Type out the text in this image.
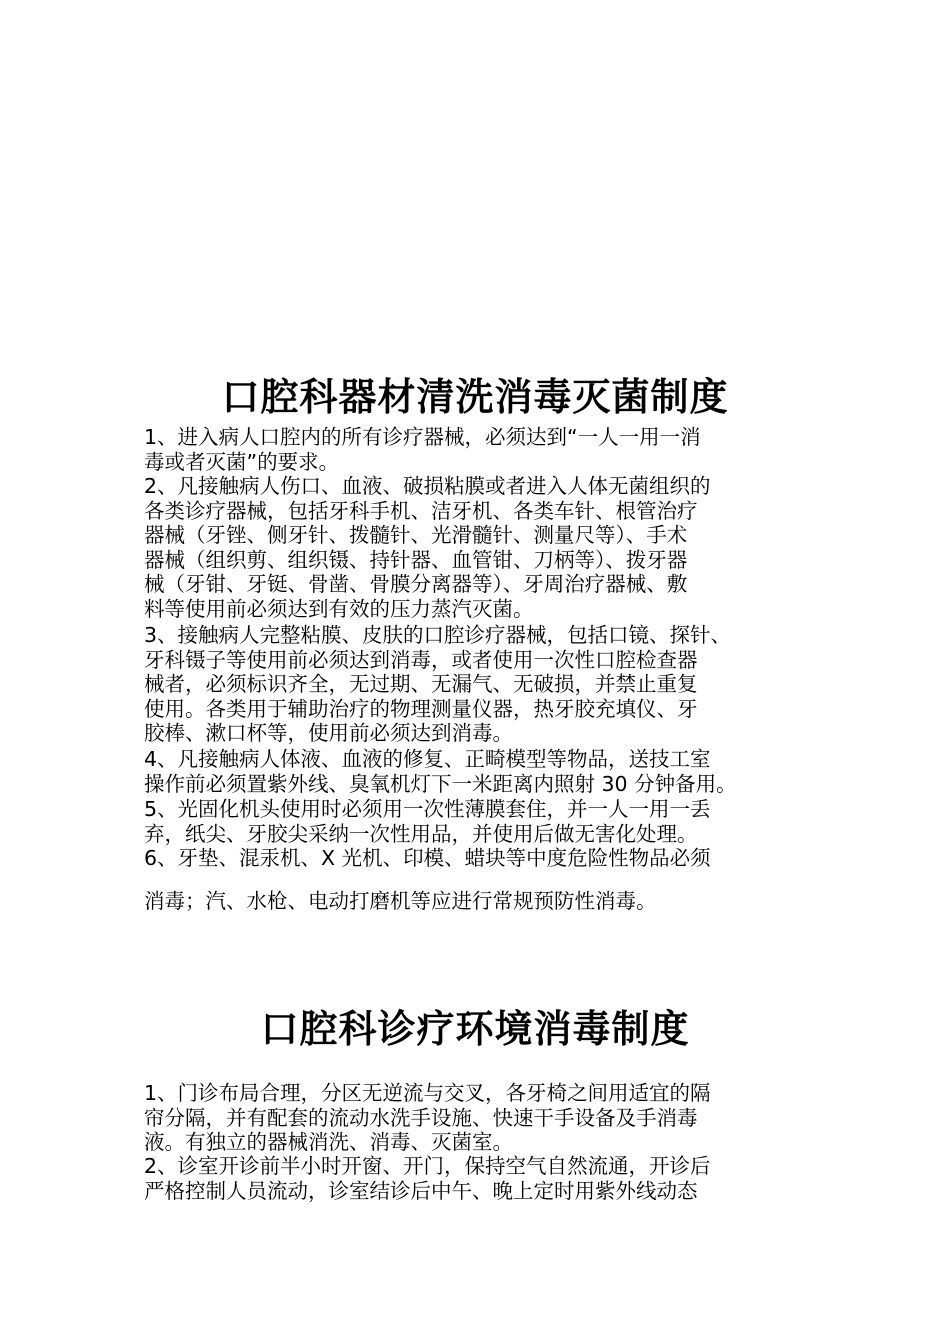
口腔科器材清洗消毒灭菌制度

1、进入病人口腔内的所有诊疗器械，必须达到“一人一用一消
毒或者灭菌”的要求。

2、凡接触病人伤口、血液、破损粘膜或者进入人体无菌组织的
各类诊疗器械，包括牙科手机、洁牙机、各类车针、根管治疗
器械（牙锉、侧牙针、拨髓针、光滑髓针、测量尺等）、手术
器械（组织剪、组织镊、持针器、血管钳、刀柄等）、拨牙器
械（牙钳、牙铤、骨凿、骨膜分离器等）、牙周治疗器械、敷
料等使用前必须达到有效的压力蒸汽灭菌。

3、接触病人完整粘膜、皮肤的口腔诊疗器械，包括口镜、探针、
牙科镊子等使用前必须达到消毒，或者使用一次性口腔检查器
械者，必须标识齐全，无过期、无漏气、无破损，并禁止重复
使用。各类用于辅助治疗的物理测量仪器，热牙胶充填仪、牙
胶棒、漱口杯等，使用前必须达到消毒。

4、凡接触病人体液、血液的修复、正畸模型等物品，送技工室
操作前必须置紫外线、臭氧机灯下一米距离内照射 30 分钟备用。

5、光固化机头使用时必须用一次性薄膜套住，并一人一用一丢
弃，纸尖、牙胶尖采纳一次性用品，并使用后做无害化处理。

6、牙垫、混汞机、X 光机、印模、蜡块等中度危险性物品必须

消毒；汽、水枪、电动打磨机等应进行常规预防性消毒。

口腔科诊疗环境消毒制度

1、门诊布局合理，分区无逆流与交叉，各牙椅之间用适宜的隔
帘分隔，并有配套的流动水洗手设施、快速干手设备及手消毒
液。有独立的器械消洗、消毒、灭菌室。

2、诊室开诊前半小时开窗、开门，保持空气自然流通，开诊后
严格控制人员流动，诊室结诊后中午、晚上定时用紫外线动态
